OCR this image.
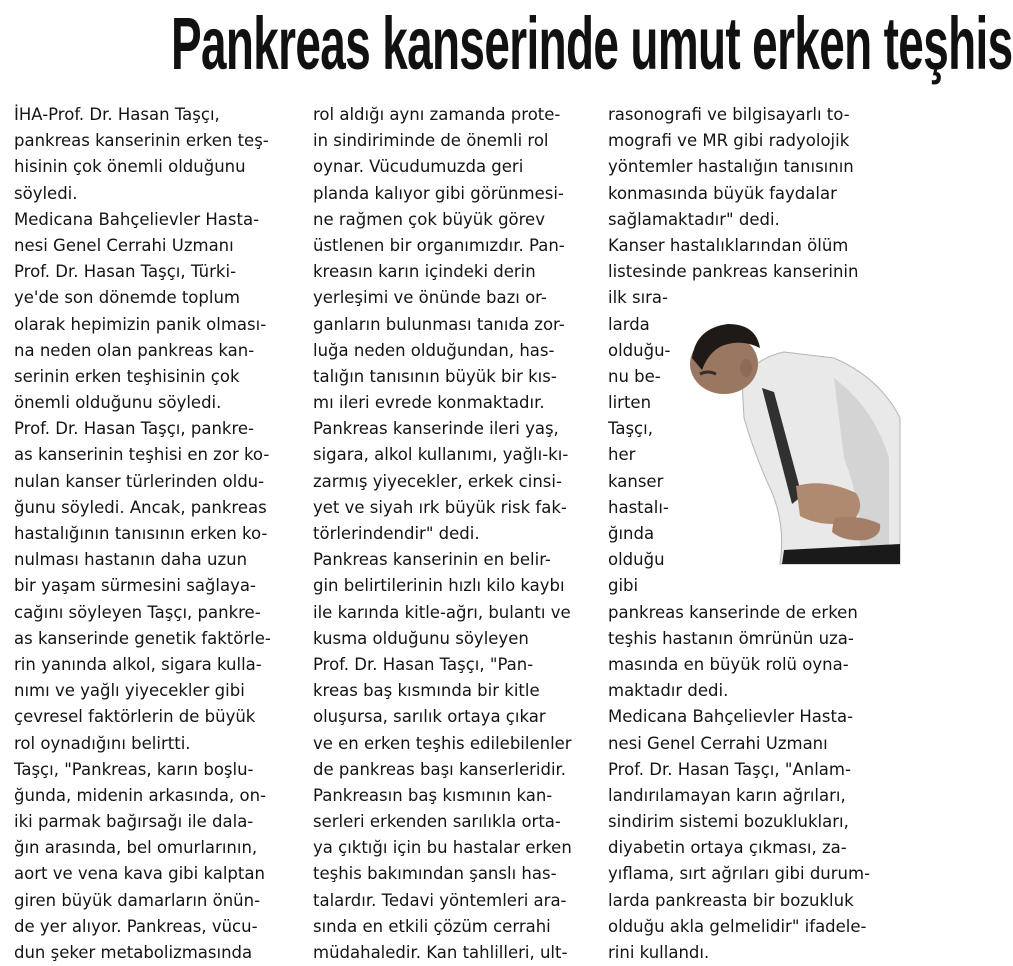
Pankreas kanserinde umut erken teşhis
İHA-Prof. Dr. Hasan Taşçı,
pankreas kanserinin erken teş-
hisinin çok önemli olduğunu
söyledi.
Medicana Bahçelievler Hasta-
nesi Genel Cerrahi Uzmanı
Prof. Dr. Hasan Taşçı, Türki-
ye'de son dönemde toplum
olarak hepimizin panik olması-
na neden olan pankreas kan-
serinin erken teşhisinin çok
önemli olduğunu söyledi.
Prof. Dr. Hasan Taşçı, pankre-
as kanserinin teşhisi en zor ko-
nulan kanser türlerinden oldu-
ğunu söyledi. Ancak, pankreas
hastalığının tanısının erken ko-
nulması hastanın daha uzun
bir yaşam sürmesini sağlaya-
cağını söyleyen Taşçı, pankre-
as kanserinde genetik faktörle-
rin yanında alkol, sigara kulla-
nımı ve yağlı yiyecekler gibi
çevresel faktörlerin de büyük
rol oynadığını belirtti.
Taşçı, "Pankreas, karın boşlu-
ğunda, midenin arkasında, on-
iki parmak bağırsağı ile dala-
ğın arasında, bel omurlarının,
aort ve vena kava gibi kalptan
giren büyük damarların önün-
de yer alıyor. Pankreas, vücu-
dun şeker metabolizmasında
rol aldığı aynı zamanda prote-
in sindiriminde de önemli rol
oynar. Vücudumuzda geri
planda kalıyor gibi görünmesi-
ne rağmen çok büyük görev
üstlenen bir organımızdır. Pan-
kreasın karın içindeki derin
yerleşimi ve önünde bazı or-
ganların bulunması tanıda zor-
luğa neden olduğundan, has-
talığın tanısının büyük bir kıs-
mı ileri evrede konmaktadır.
Pankreas kanserinde ileri yaş,
sigara, alkol kullanımı, yağlı-kı-
zarmış yiyecekler, erkek cinsi-
yet ve siyah ırk büyük risk fak-
törlerindendir" dedi.
Pankreas kanserinin en belir-
gin belirtilerinin hızlı kilo kaybı
ile karında kitle-ağrı, bulantı ve
kusma olduğunu söyleyen
Prof. Dr. Hasan Taşçı, "Pan-
kreas baş kısmında bir kitle
oluşursa, sarılık ortaya çıkar
ve en erken teşhis edilebilenler
de pankreas başı kanserleridir.
Pankreasın baş kısmının kan-
serleri erkenden sarılıkla orta-
ya çıktığı için bu hastalar erken
teşhis bakımından şanslı has-
talardır. Tedavi yöntemleri ara-
sında en etkili çözüm cerrahi
müdahaledir. Kan tahlilleri, ult-
rasonografi ve bilgisayarlı to-
mografi ve MR gibi radyolojik
yöntemler hastalığın tanısının
konmasında büyük faydalar
sağlamaktadır" dedi.
Kanser hastalıklarından ölüm
listesinde pankreas kanserinin
ilk sıra-
larda
olduğu-
nu be-
lirten
Taşçı,
her
kanser
hastalı-
ğında
olduğu
gibi
pankreas kanserinde de erken
teşhis hastanın ömrünün uza-
masında en büyük rolü oyna-
maktadır dedi.
Medicana Bahçelievler Hasta-
nesi Genel Cerrahi Uzmanı
Prof. Dr. Hasan Taşçı, "Anlam-
landırılamayan karın ağrıları,
sindirim sistemi bozuklukları,
diyabetin ortaya çıkması, za-
yıflama, sırt ağrıları gibi durum-
larda pankreasta bir bozukluk
olduğu akla gelmelidir" ifadele-
rini kullandı.
